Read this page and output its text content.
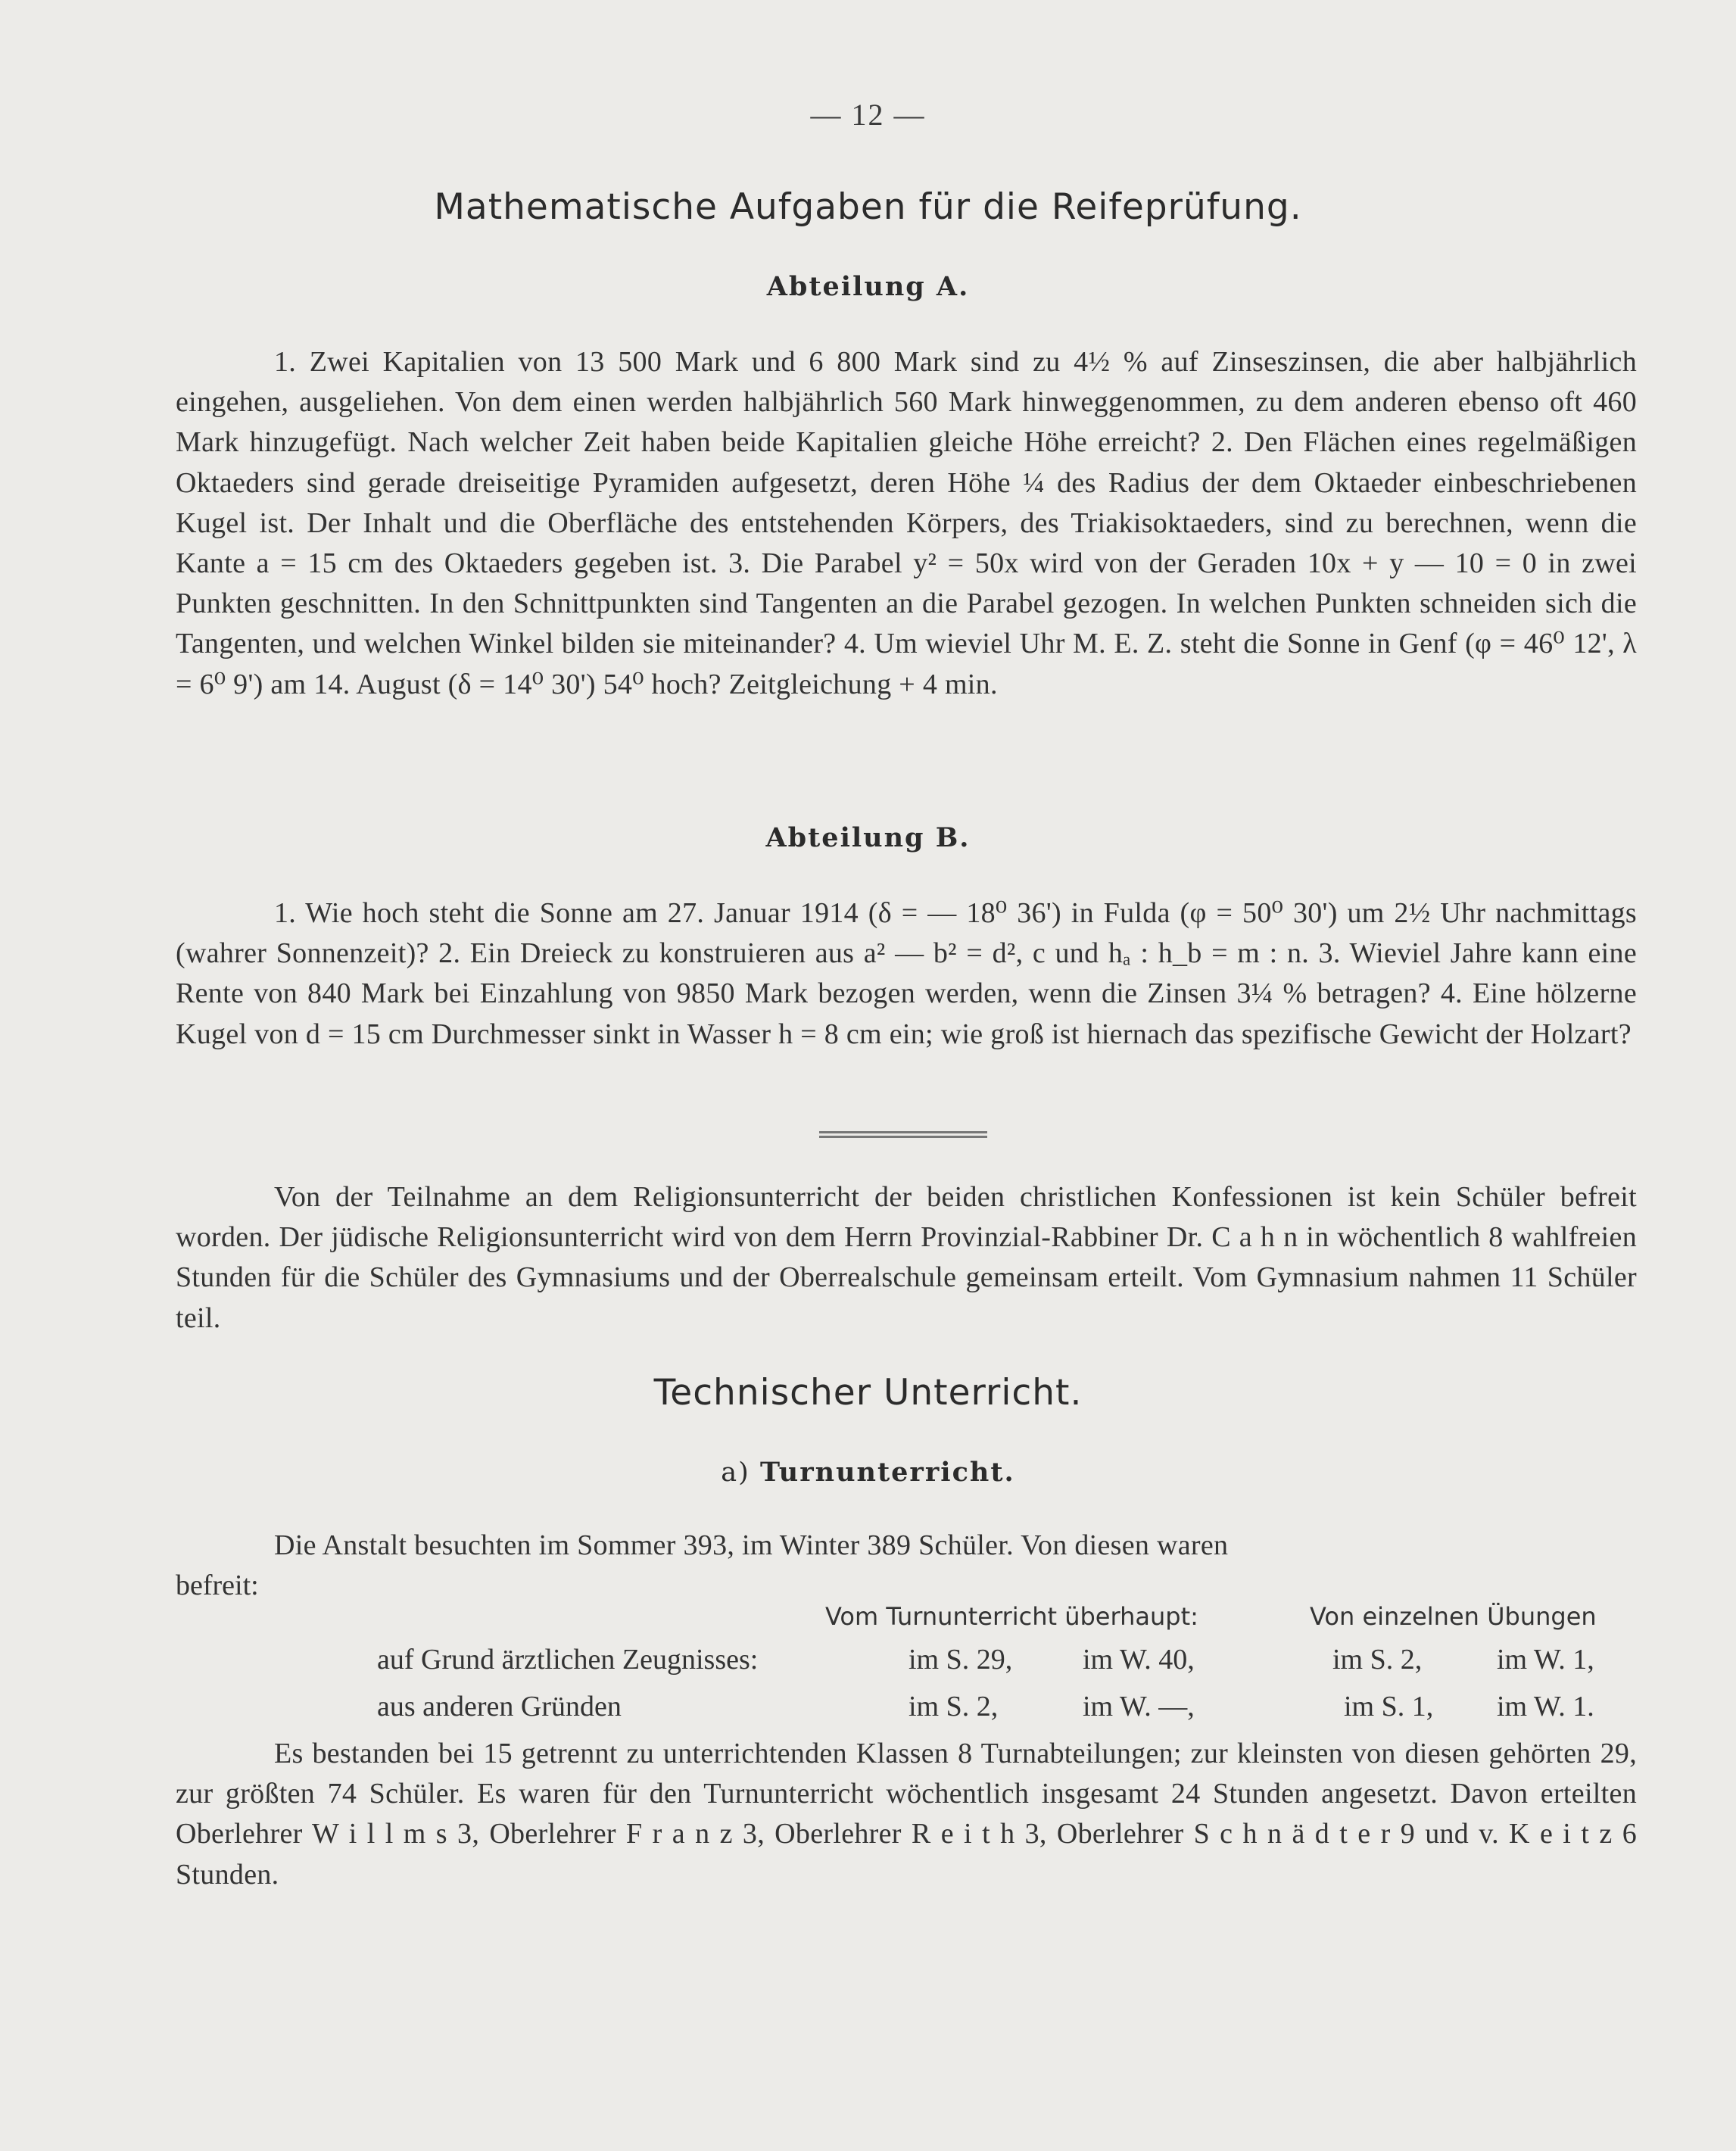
— 12 —
Mathematische Aufgaben für die Reifeprüfung.
Abteilung A.
1. Zwei Kapitalien von 13 500 Mark und 6 800 Mark sind zu 4½ % auf Zinseszinsen, die aber halbjährlich eingehen, ausgeliehen. Von dem einen werden halbjährlich 560 Mark hinweggenommen, zu dem anderen ebenso oft 460 Mark hinzugefügt. Nach welcher Zeit haben beide Kapitalien gleiche Höhe erreicht? 2. Den Flächen eines regelmäßigen Oktaeders sind gerade dreiseitige Pyramiden aufgesetzt, deren Höhe ¼ des Radius der dem Oktaeder einbeschriebenen Kugel ist. Der Inhalt und die Oberfläche des entstehenden Körpers, des Triakisoktaeders, sind zu berechnen, wenn die Kante a = 15 cm des Oktaeders gegeben ist. 3. Die Parabel y² = 50x wird von der Geraden 10x + y — 10 = 0 in zwei Punkten geschnitten. In den Schnittpunkten sind Tangenten an die Parabel gezogen. In welchen Punkten schneiden sich die Tangenten, und welchen Winkel bilden sie miteinander? 4. Um wieviel Uhr M. E. Z. steht die Sonne in Genf (φ = 46⁰ 12', λ = 6⁰ 9') am 14. August (δ = 14⁰ 30') 54⁰ hoch? Zeitgleichung + 4 min.
Abteilung B.
1. Wie hoch steht die Sonne am 27. Januar 1914 (δ = — 18⁰ 36') in Fulda (φ = 50⁰ 30') um 2½ Uhr nachmittags (wahrer Sonnenzeit)? 2. Ein Dreieck zu konstruieren aus a² — b² = d², c und hₐ : h_b = m : n. 3. Wieviel Jahre kann eine Rente von 840 Mark bei Einzahlung von 9850 Mark bezogen werden, wenn die Zinsen 3¼ % betragen? 4. Eine hölzerne Kugel von d = 15 cm Durchmesser sinkt in Wasser h = 8 cm ein; wie groß ist hiernach das spezifische Gewicht der Holzart?
Von der Teilnahme an dem Religionsunterricht der beiden christlichen Konfessionen ist kein Schüler befreit worden. Der jüdische Religionsunterricht wird von dem Herrn Provinzial-Rabbiner Dr. C a h n in wöchentlich 8 wahlfreien Stunden für die Schüler des Gymnasiums und der Oberrealschule gemeinsam erteilt. Vom Gymnasium nahmen 11 Schüler teil.
Technischer Unterricht.
a) Turnunterricht.
Die Anstalt besuchten im Sommer 393, im Winter 389 Schüler. Von diesen waren
befreit:
Vom Turnunterricht überhaupt:	Von einzelnen Übungen
auf Grund ärztlichen Zeugnisses:	im S. 29, im W. 40,	im S. 2,	im W. 1,
aus anderen Gründen	im S. 2,	im W. —,	im S. 1, im W. 1.
Es bestanden bei 15 getrennt zu unterrichtenden Klassen 8 Turnabteilungen; zur kleinsten von diesen gehörten 29, zur größten 74 Schüler. Es waren für den Turnunterricht wöchentlich insgesamt 24 Stunden angesetzt. Davon erteilten Oberlehrer W i l l m s 3, Oberlehrer F r a n z 3, Oberlehrer R e i t h 3, Oberlehrer S c h n ä d t e r 9 und v. K e i t z 6 Stunden.
